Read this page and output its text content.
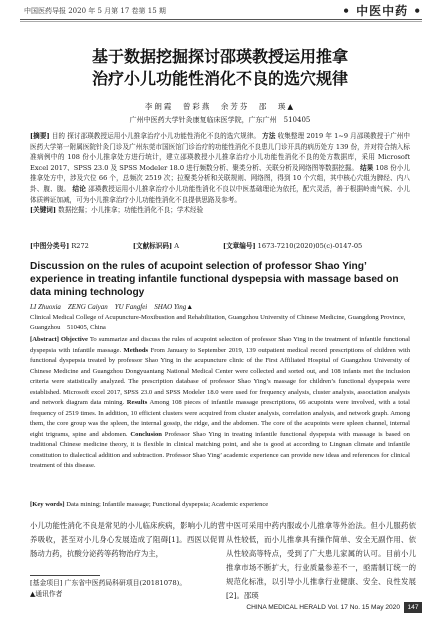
中国医药导报 2020 年 5 月第 17 卷第 15 期	• 中医中药 •
基于数据挖掘探讨邵瑛教授运用推拿
治疗小儿功能性消化不良的选穴规律
李朗霞　曾彩燕　余芳芬　邵　瑛▲
广州中医药大学针灸康复临床医学院，广东广州　510405

[摘要] 目的 探讨邵瑛教授运用小儿推拿治疗小儿功能性消化不良的选穴规律。 方法 收集整理 2019 年 1~9 月邵瑛教授于广州中医药大学第一附属医院针灸门诊及广州东莞市国医馆门诊治疗的功能性消化不良患儿门诊开具的病历处方 139 份，并对符合纳入标准病例中的 108 份小儿推拿处方进行统计，建立邵瑛教授小儿推拿治疗小儿功能性消化不良的处方数据库，采用 Microsoft Excel 2017、SPSS 23.0 及 SPSS Modeler 18.0 进行频数分析、聚类分析、关联分析及网络图等数据挖掘。 结果 108 份小儿推拿处方中，涉及穴位 66 个，总频次 2519 次；拉聚类分析和关联规则、网络图，得到 10 个穴组，其中核心穴组为脾经、内八卦、腹、腹。 结论 邵瑛教授运用小儿推拿治疗小儿功能性消化不良以中医基础理论为依托，配穴灵活，善于根据岭南气候、小儿体质辨证加减，可为小儿推拿治疗小儿功能性消化不良提供思路及参考。

[关键词] 数据挖掘；小儿推拿；功能性消化不良；学术经验

[中图分类号] R272	[文献标识码] A	[文章编号] 1673-7210(2020)05(c)-0147-05
Discussion on the rules of acupoint selection of professor Shao Ying’ experience in treating infantile functional dyspepsia with massage based on data mining technology
LI Zhuoxia　ZENG Caiyan　YU Fangfei　SHAO Ying▲
Clinical Medical College of Acupuncture-Moxibustion and Rehabilitation, Guangzhou University of Chinese Medicine, Guangdong Province, Guangzhou　510405, China
[Abstract] Objective To summarize and discuss the rules of acupoint selection of professor Shao Ying in the treatment of infantile functional dyspepsia with infantile massage. Methods From January to September 2019, 139 outpatient medical record prescriptions of children with functional dyspepsia treated by professor Shao Ying in the acupuncture clinic of the First Affiliated Hospital of Guangzhou University of Chinese Medicine and Guangzhou Dongyuantang National Medical Center were collected and sorted out, and 108 infants met the inclusion criteria were statistically analyzed. The prescription database of professor Shao Ying’s massage for children’s functional dyspepsia were established. Microsoft excel 2017, SPSS 23.0 and SPSS Modeler 18.0 were used for frequency analysis, cluster analysis, association analysis and network diagram data mining. Results Among 108 pieces of infantile massage prescriptions, 66 acupoints were involved, with a total frequency of 2519 times. In addition, 10 efficient clusters were acquired from cluster analysis, correlation analysis, and network graph. Among them, the core group was the spleen, the internal gossip, the ridge, and the abdomen. The core of the acupoints were spleen channel, internal eight trigrams, spine and abdomen. Conclusion Professor Shao Ying in treating infantile functional dyspepsia with massage is based on traditional Chinese medicine theory, it is flexible in clinical matching point, and she is good at according to Lingnan climate and infantile constitution to dialectical addition and subtraction. Professor Shao Ying’ academic experience can provide new ideas and references for clinical treatment of this disease.
[Key words] Data mining; Infantile massage; Functional dyspepsia; Academic experience

小儿功能性消化不良是常见的小儿临床疾病，影响小儿的营养吸收，甚至对小儿身心发展造成了阻碍[1]。西医以促胃肠动力药，抗酸分泌药等药物治疗为主，

中医可采用中药内服或小儿推拿等外治法。但小儿服药依从性较低，而小儿推拿具有操作简单、安全无副作用、依从性较高等特点，受到了广大患儿家属的认可。目前小儿推拿市场不断扩大，行业质量参差不一，亟需制订统一的规范化标准，以引导小儿推拿行业健康、安全、良性发展[2]。邵瑛

[基金项目] 广东省中医药局科研项目(20181078)。
▲通讯作者
CHINA MEDICAL HERALD Vol. 17 No. 15 May 2020	147
